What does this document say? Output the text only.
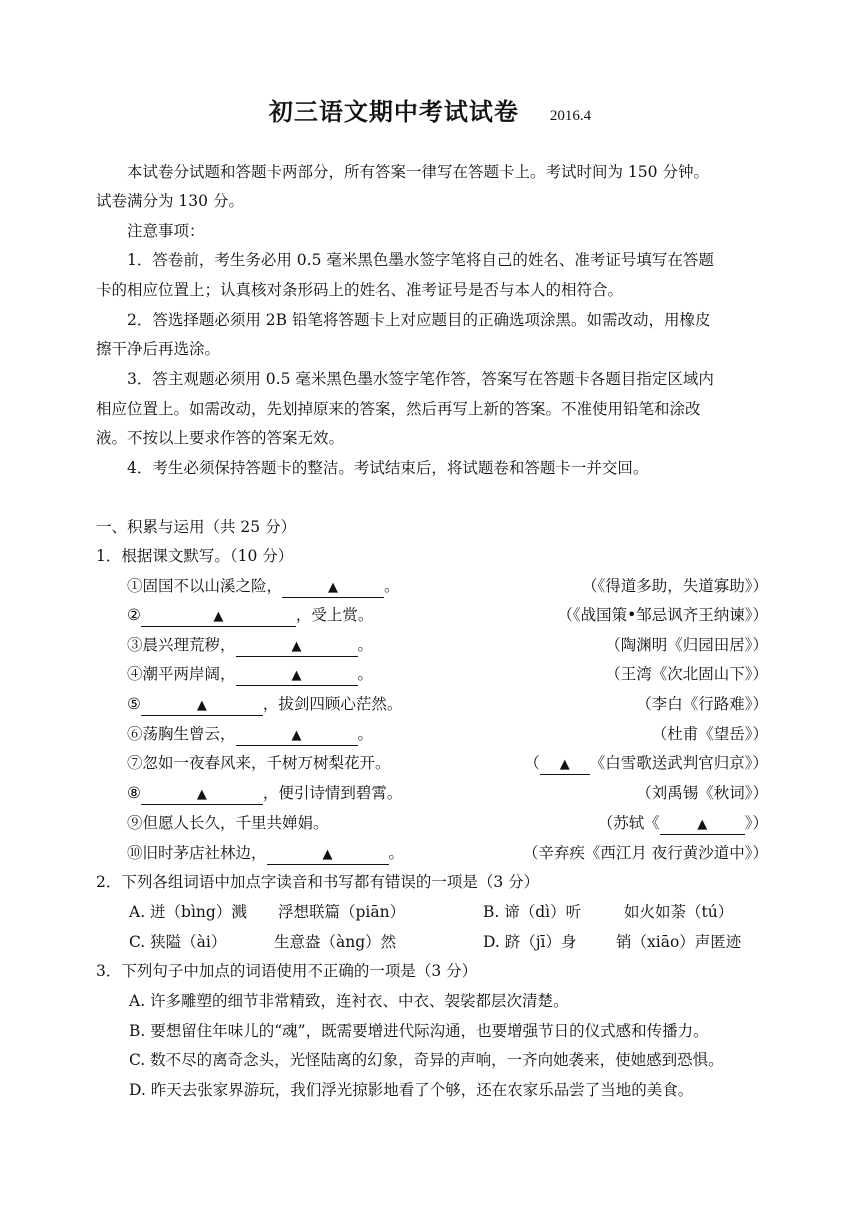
初三语文期中考试试卷 2016.4
本试卷分试题和答题卡两部分，所有答案一律写在答题卡上。考试时间为 150 分钟。
试卷满分为 130 分。
注意事项：
1．答卷前，考生务必用 0.5 毫米黑色墨水签字笔将自己的姓名、准考证号填写在答题
卡的相应位置上；认真核对条形码上的姓名、准考证号是否与本人的相符合。
2．答选择题必须用 2B 铅笔将答题卡上对应题目的正确选项涂黑。如需改动，用橡皮
擦干净后再选涂。
3．答主观题必须用 0.5 毫米黑色墨水签字笔作答，答案写在答题卡各题目指定区域内
相应位置上。如需改动，先划掉原来的答案，然后再写上新的答案。不准使用铅笔和涂改
液。不按以上要求作答的答案无效。
4．考生必须保持答题卡的整洁。考试结束后，将试题卷和答题卡一并交回。
一、积累与运用（共 25 分）
1．根据课文默写。（10 分）
①固国不以山溪之险，	▲	。	（《得道多助，失道寡助》）
②	▲	，受上赏。	（《战国策•邹忌讽齐王纳谏》）
③晨兴理荒秽，	▲	。	（陶渊明《归园田居》）
④潮平两岸阔，	▲	。	（王湾《次北固山下》）
⑤	▲	，拔剑四顾心茫然。	（李白《行路难》）
⑥荡胸生曾云，	▲	。	（杜甫《望岳》）
⑦忽如一夜春风来，千树万树梨花开。	（ ▲ 《白雪歌送武判官归京》）
⑧	▲	，便引诗情到碧霄。	（刘禹锡《秋词》）
⑨但愿人长久，千里共婵娟。	（苏轼《	▲ 》）
⑩旧时茅店社林边，	▲	。	（辛弃疾《西江月 夜行黄沙道中》）
2．下列各组词语中加点字读音和书写都有错误的一项是（3 分）
A. 迸（bìng）溅 浮想联篇（piān）	B. 谛（dì）听	如火如荼（tú）
C. 狭隘（ài）	生意盎（àng）然	D. 跻（jī）身	销（xiāo）声匿迹
3．下列句子中加点的词语使用不正确的一项是（3 分）
A. 许多雕塑的细节非常精致，连衬衣、中衣、袈裟都层次清楚。
B. 要想留住年味儿的“魂”，既需要增进代际沟通，也要增强节日的仪式感和传播力。
C. 数不尽的离奇念头，光怪陆离的幻象，奇异的声响，一齐向她袭来，使她感到恐惧。
D. 昨天去张家界游玩，我们浮光掠影地看了个够，还在农家乐品尝了当地的美食。
